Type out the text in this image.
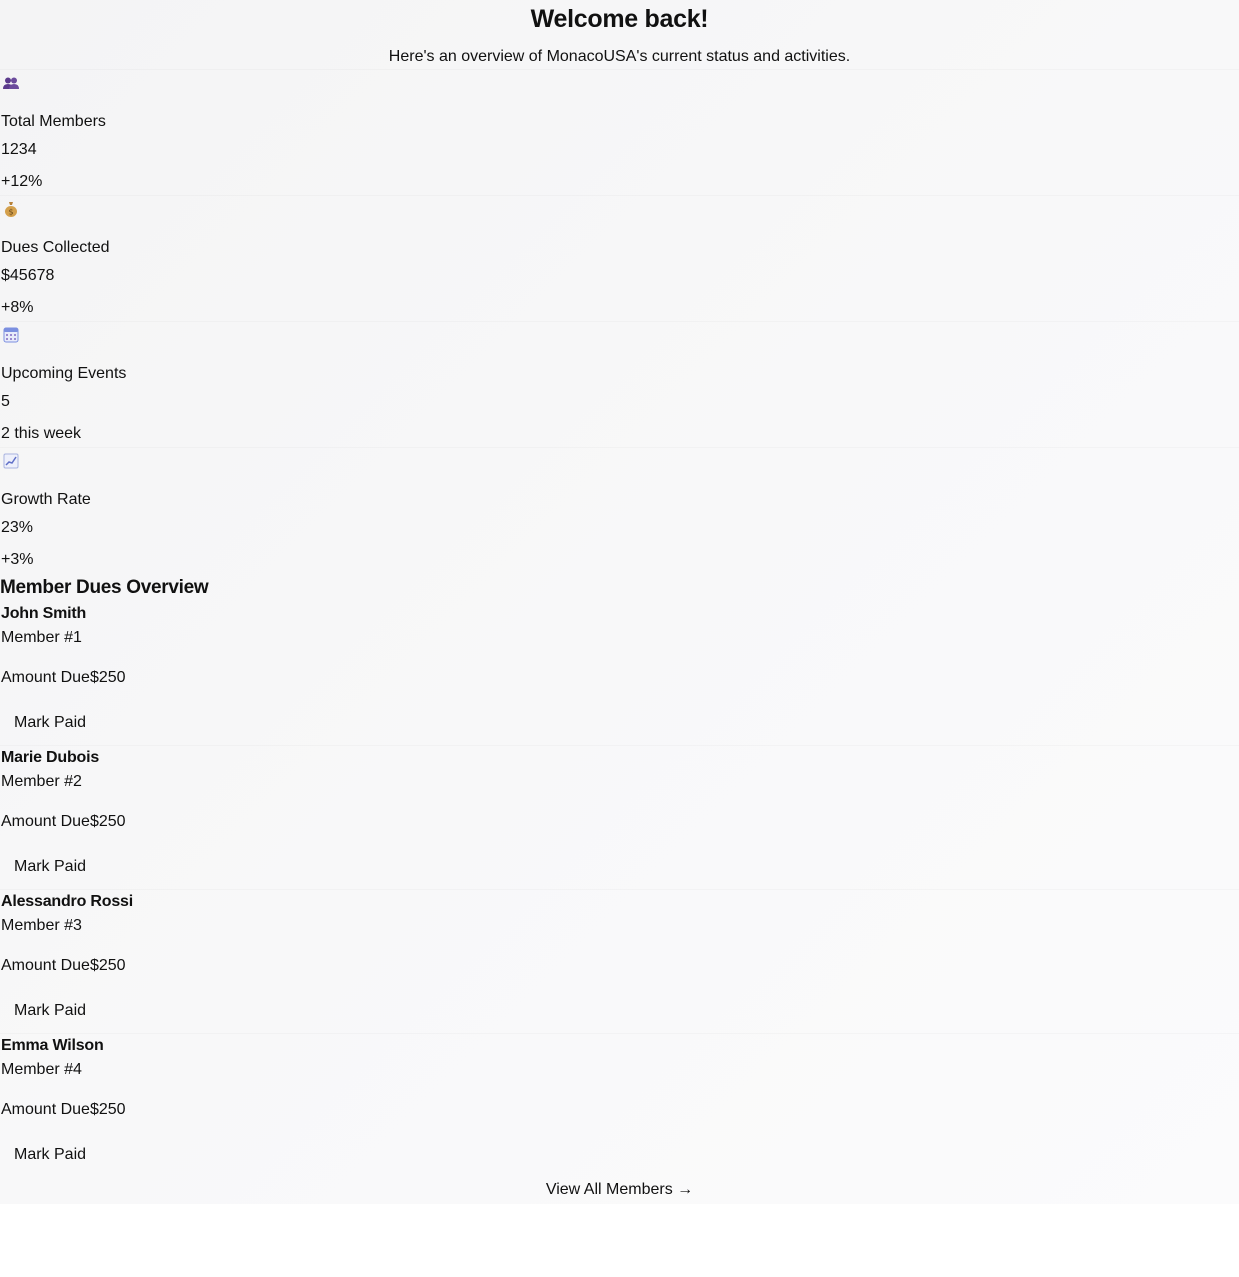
Welcome back!
Here's an overview of MonacoUSA's current status and activities.
Total Members
1234
+12%
$
Dues Collected
$45678
+8%
Upcoming Events
5
2 this week
Growth Rate
23%
+3%
Member Dues Overview
John Smith
Member #1
Amount Due$250
Mark Paid
Marie Dubois
Member #2
Amount Due$250
Mark Paid
Alessandro Rossi
Member #3
Amount Due$250
Mark Paid
Emma Wilson
Member #4
Amount Due$250
Mark Paid
View All Members →
